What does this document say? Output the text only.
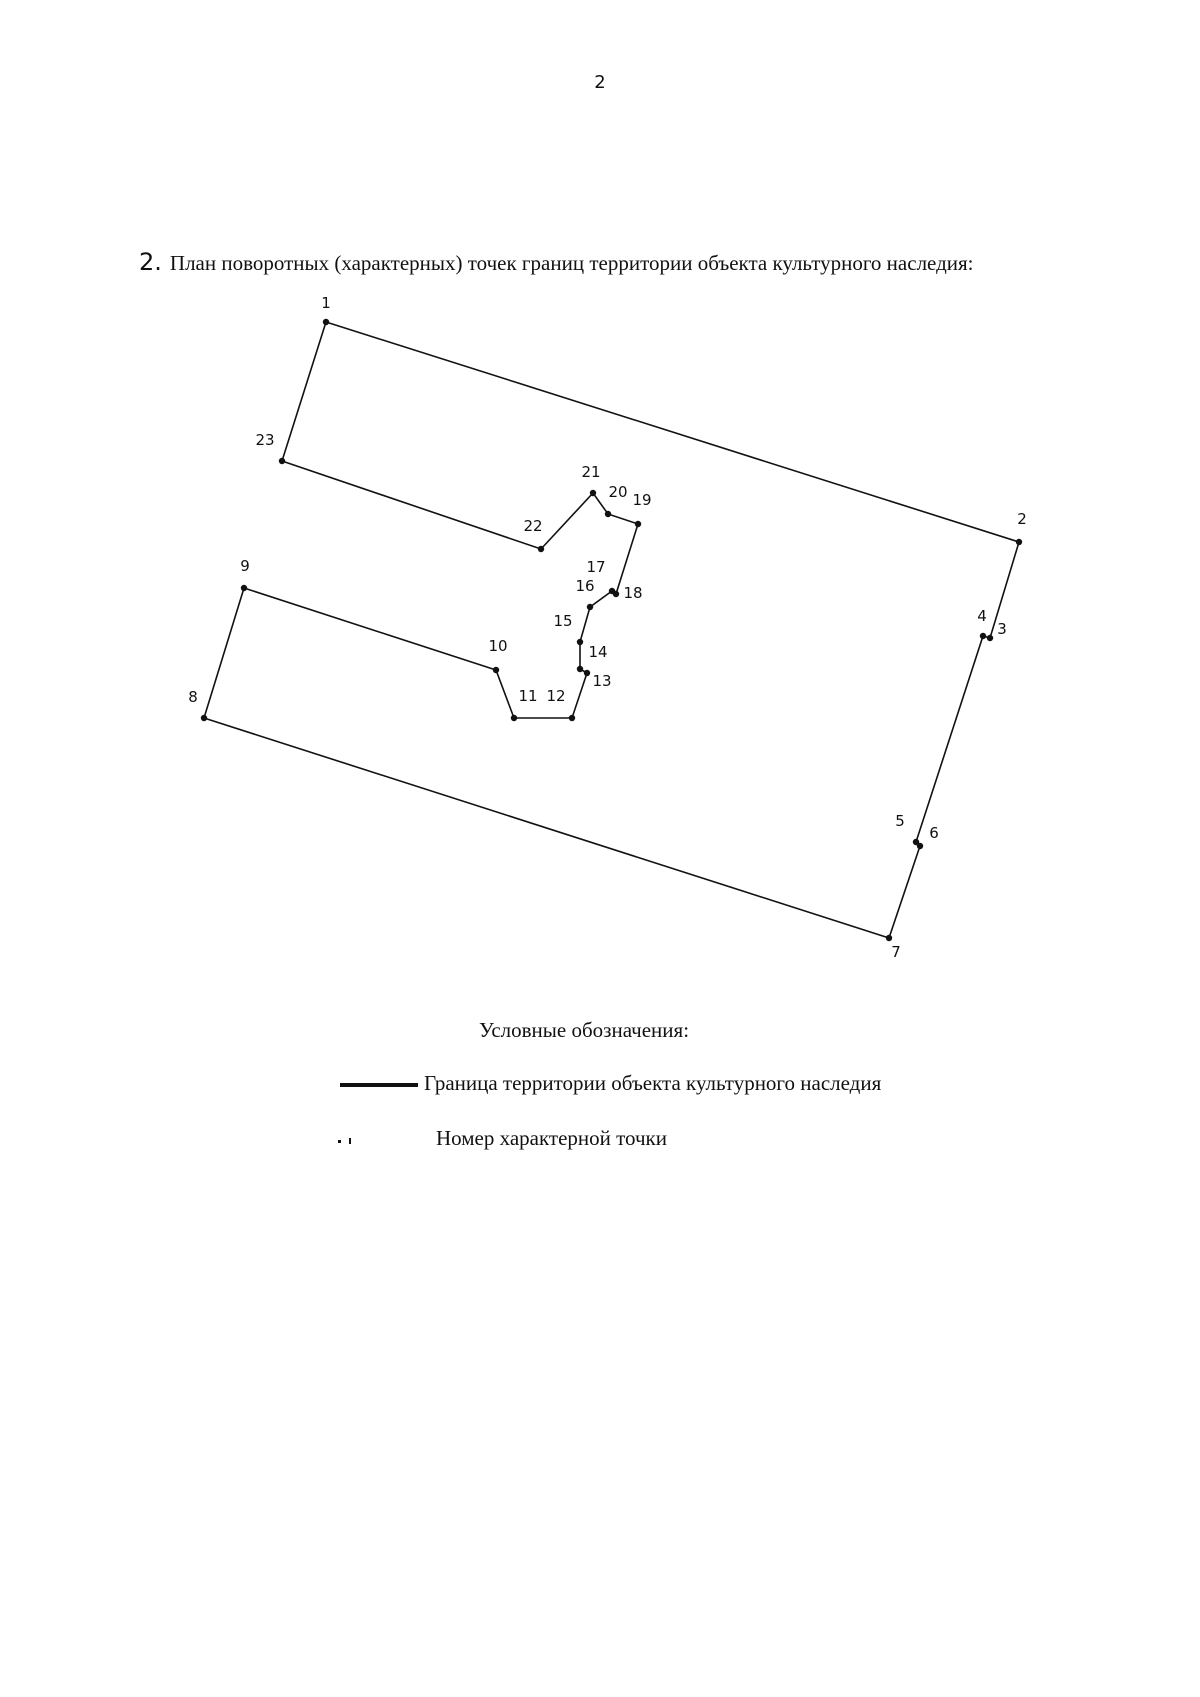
2
2. План поворотных (характерных) точек границ территории объекта культурного наследия:
1
2
3
4
5
6
7
8
9
10
11 12
13
14
15
16
17
18
19
20
21
22
23
Условные обозначения:
Граница территории объекта культурного наследия
Номер характерной точки
